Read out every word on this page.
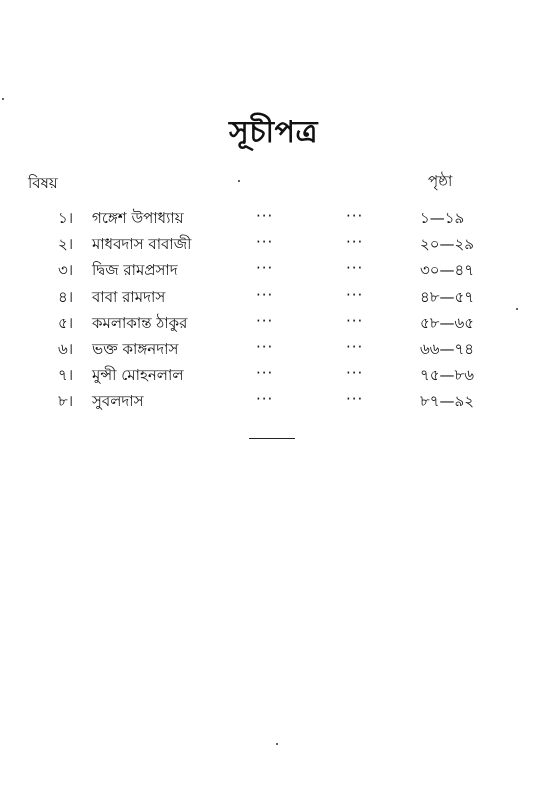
সূচীপত্র
বিষয়	পৃষ্ঠা
১। গঙ্গেশ উপাধ্যায়	···	···	১—১৯
২। মাধবদাস বাবাজী	···	···	২০—২৯
৩। দ্বিজ রামপ্রসাদ	···	···	৩০—৪৭
৪। বাবা রামদাস	···	···	৪৮—৫৭
৫। কমলাকান্ত ঠাকুর	···	···	৫৮—৬৫
৬। ভক্ত কাঙ্গনদাস	···	···	৬৬—৭৪
৭। মুন্সী মোহনলাল	···	···	৭৫—৮৬
৮। সুবলদাস	···	···	৮৭—৯২
